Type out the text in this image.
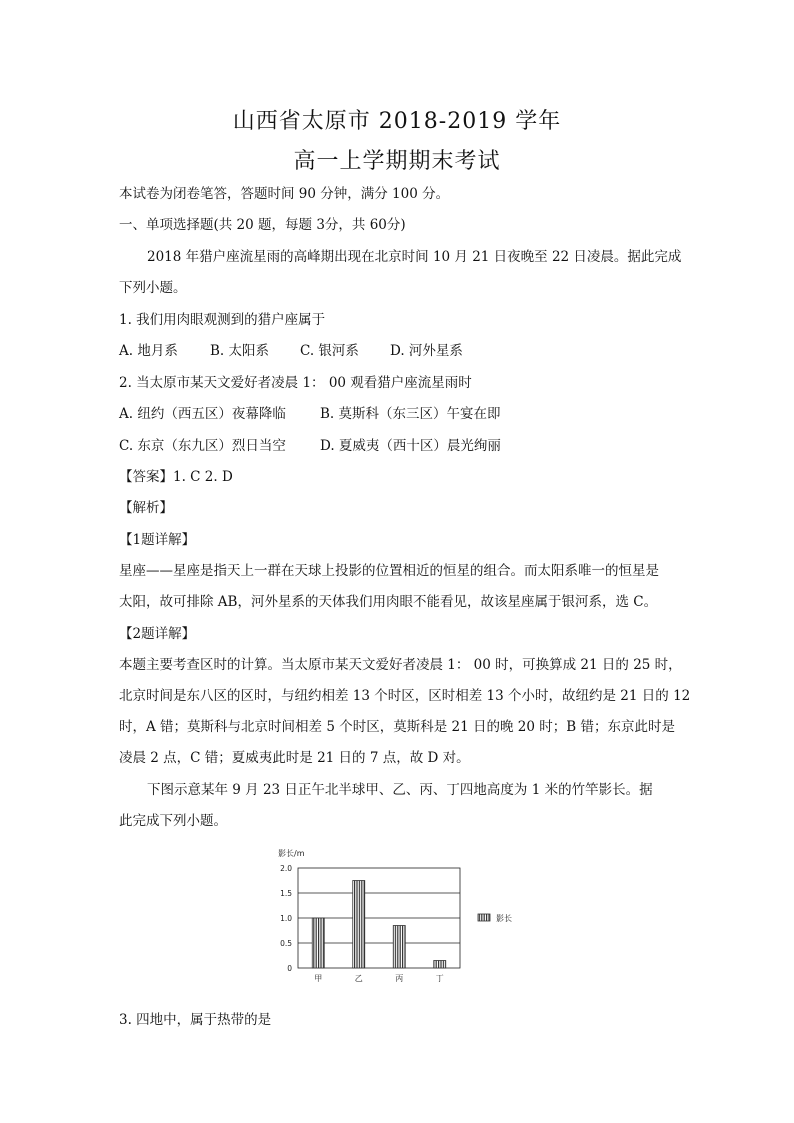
山西省太原市 2018-2019 学年
高一上学期期末考试
本试卷为闭卷笔答，答题时间 90 分钟，满分 100 分。
一、单项选择题(共 20 题，每题 3分，共 60分)
2018 年猎户座流星雨的高峰期出现在北京时间 10 月 21 日夜晚至 22 日凌晨。据此完成
下列小题。
1. 我们用肉眼观测到的猎户座属于
A. 地月系 B. 太阳系 C. 银河系 D. 河外星系
2. 当太原市某天文爱好者凌晨 1： 00 观看猎户座流星雨时
A. 纽约（西五区）夜幕降临	B. 莫斯科（东三区）午宴在即
C. 东京（东九区）烈日当空	D. 夏威夷（西十区）晨光绚丽
【答案】1. C 2. D
【解析】
【1题详解】
星座——星座是指天上一群在天球上投影的位置相近的恒星的组合。而太阳系唯一的恒星是
太阳，故可排除 AB，河外星系的天体我们用肉眼不能看见，故该星座属于银河系，选 C。
【2题详解】
本题主要考查区时的计算。当太原市某天文爱好者凌晨 1： 00 时，可换算成 21 日的 25 时，
北京时间是东八区的区时，与纽约相差 13 个时区，区时相差 13 个小时，故纽约是 21 日的 12
时，A 错；莫斯科与北京时间相差 5 个时区，莫斯科是 21 日的晚 20 时；B 错；东京此时是
凌晨 2 点，C 错；夏威夷此时是 21 日的 7 点，故 D 对。
下图示意某年 9 月 23 日正午北半球甲、乙、丙、丁四地高度为 1 米的竹竿影长。据
此完成下列小题。
0
0.5
1.0
1.5
2.0
甲	乙	丙	丁
影长/m
影长
3. 四地中，属于热带的是
